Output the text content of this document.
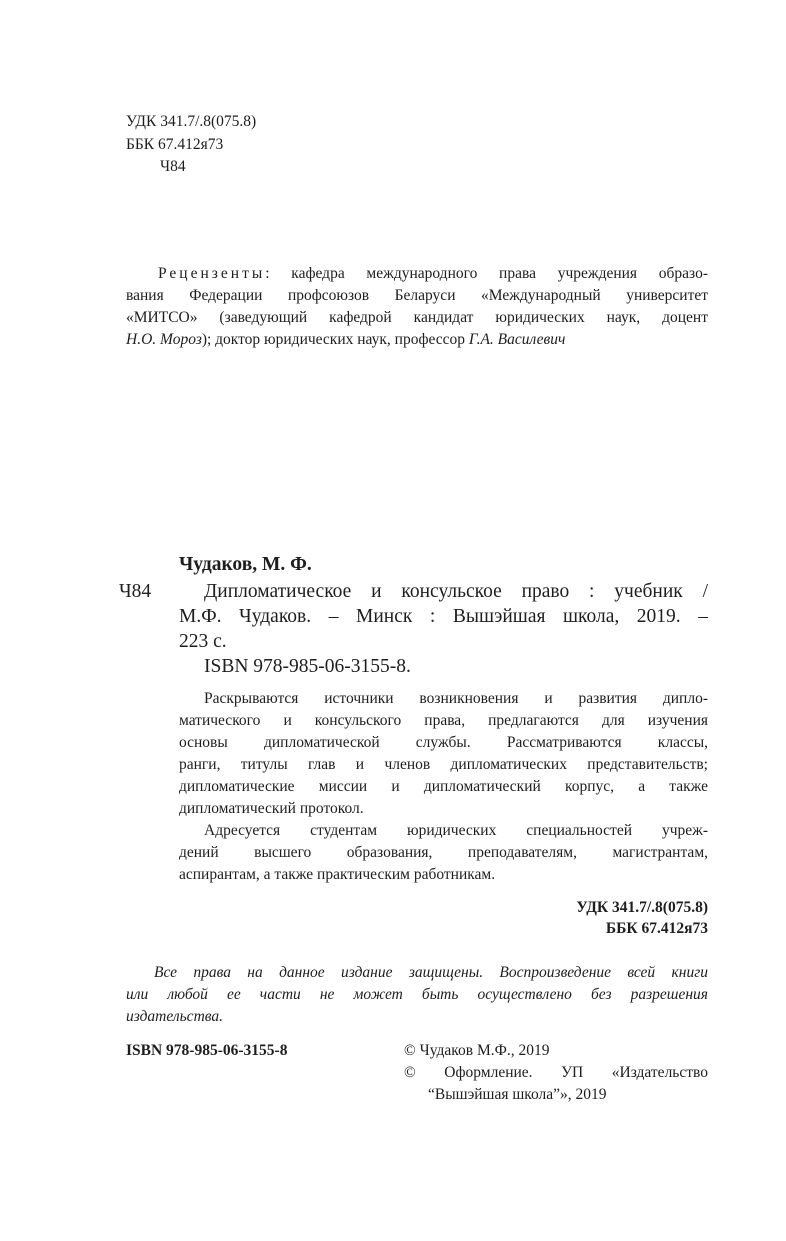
УДК 341.7/.8(075.8)
ББК 67.412я73
Ч84
Рецензенты: кафедра международного права учреждения образо-
вания Федерации профсоюзов Беларуси «Международный университет
«МИТСО» (заведующий кафедрой кандидат юридических наук, доцент
Н.О. Мороз); доктор юридических наук, профессор Г.А. Василевич
Чудаков, М. Ф.
Ч84	Дипломатическое и консульское право : учебник /
М.Ф. Чудаков. – Минск : Вышэйшая школа, 2019. –
223 с.
ISBN 978-985-06-3155-8.
Раскрываются источники возникновения и развития дипло-
матического и консульского права, предлагаются для изучения
основы дипломатической службы. Рассматриваются классы,
ранги, титулы глав и членов дипломатических представительств;
дипломатические миссии и дипломатический корпус, а также
дипломатический протокол.
Адресуется студентам юридических специальностей учреж-
дений высшего образования, преподавателям, магистрантам,
аспирантам, а также практическим работникам.
УДК 341.7/.8(075.8)
ББК 67.412я73
Все права на данное издание защищены. Воспроизведение всей книги
или любой ее части не может быть осуществлено без разрешения
издательства.
ISBN 978-985-06-3155-8	© Чудаков М.Ф., 2019
© Оформление. УП «Издательство
“Вышэйшая школа”», 2019
